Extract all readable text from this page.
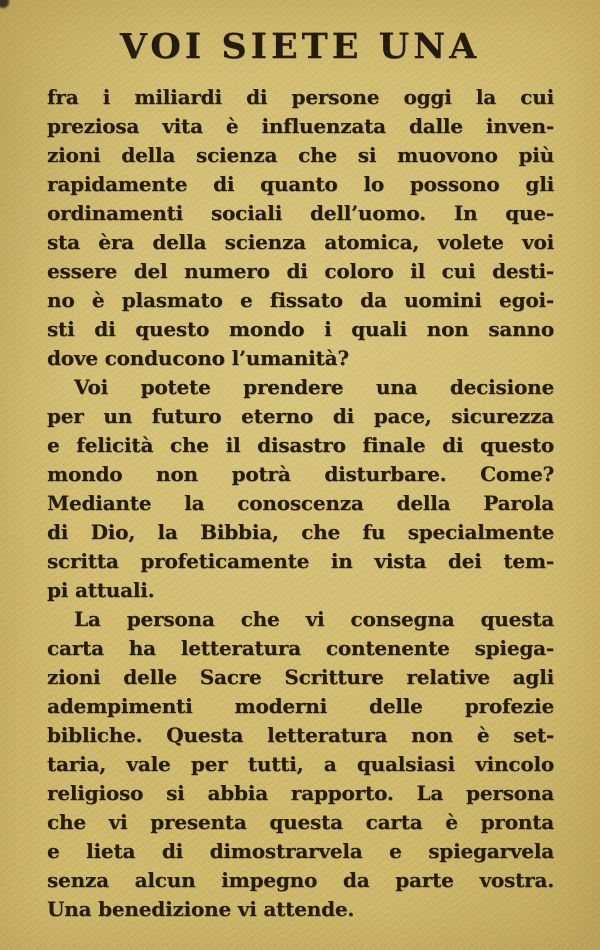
VOI SIETE UNA
fra i miliardi di persone oggi la cui
preziosa vita è influenzata dalle inven-
zioni della scienza che si muovono più
rapidamente di quanto lo possono gli
ordinamenti sociali dell’uomo. In que-
sta èra della scienza atomica, volete voi
essere del numero di coloro il cui desti-
no è plasmato e fissato da uomini egoi-
sti di questo mondo i quali non sanno
dove conducono l’umanità?
Voi potete prendere una decisione
per un futuro eterno di pace, sicurezza
e felicità che il disastro finale di questo
mondo non potrà disturbare. Come?
Mediante la conoscenza della Parola
di Dio, la Bibbia, che fu specialmente
scritta profeticamente in vista dei tem-
pi attuali.
La persona che vi consegna questa
carta ha letteratura contenente spiega-
zioni delle Sacre Scritture relative agli
adempimenti moderni delle profezie
bibliche. Questa letteratura non è set-
taria, vale per tutti, a qualsiasi vincolo
religioso si abbia rapporto. La persona
che vi presenta questa carta è pronta
e lieta di dimostrarvela e spiegarvela
senza alcun impegno da parte vostra.
Una benedizione vi attende.
